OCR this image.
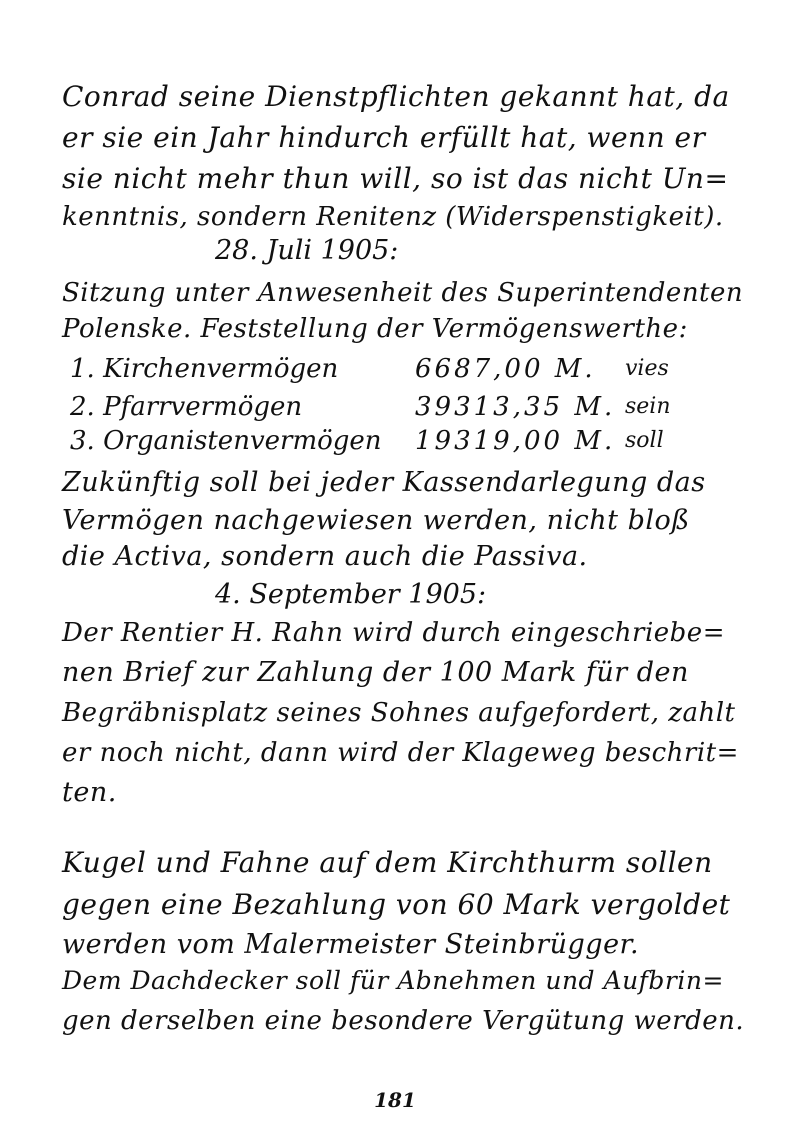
Conrad seine Dienstpflichten gekannt hat, da
er sie ein Jahr hindurch erfüllt hat, wenn er
sie nicht mehr thun will, so ist das nicht Un=
kenntnis, sondern Renitenz (Widerspenstigkeit).
28. Juli 1905:
Sitzung unter Anwesenheit des Superintendenten
Polenske. Feststellung der Vermögenswerthe:
1. Kirchenvermögen	6687,00 M. vies
2. Pfarrvermögen	39313,35 M. sein
3. Organistenvermögen 19319,00 M. soll
Zukünftig soll bei jeder Kassendarlegung das
Vermögen nachgewiesen werden, nicht bloß
die Activa, sondern auch die Passiva.
4. September 1905:
Der Rentier H. Rahn wird durch eingeschriebe=
nen Brief zur Zahlung der 100 Mark für den
Begräbnisplatz seines Sohnes aufgefordert, zahlt
er noch nicht, dann wird der Klageweg beschrit=
ten.
Kugel und Fahne auf dem Kirchthurm sollen
gegen eine Bezahlung von 60 Mark vergoldet
werden vom Malermeister Steinbrügger.
Dem Dachdecker soll für Abnehmen und Aufbrin=
gen derselben eine besondere Vergütung werden.
181
